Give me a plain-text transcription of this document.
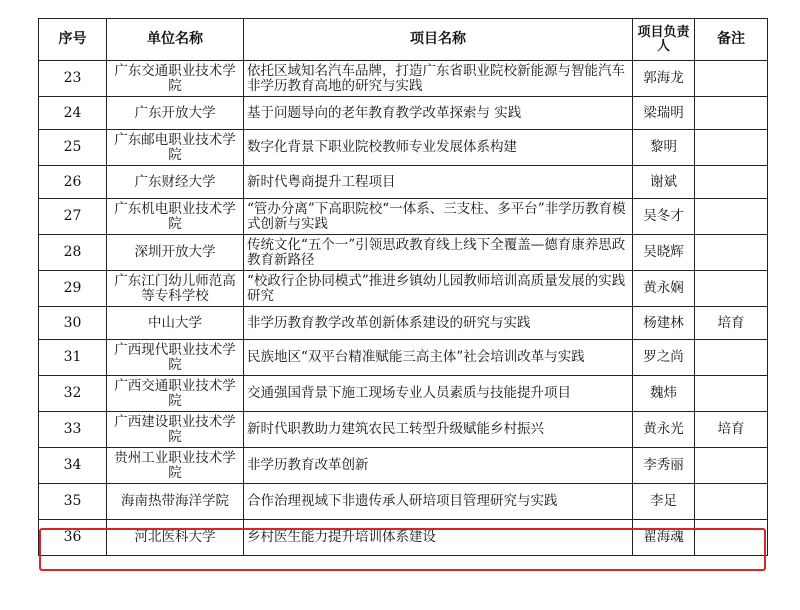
序号	单位名称	项目名称	项目负责人	备注
23	广东交通职业技术学院	依托区域知名汽车品牌，打造广东省职业院校新能源与智能汽车非学历教育高地的研究与实践	郭海龙	
24	广东开放大学	基于问题导向的老年教育教学改革探索与 实践	梁瑞明	
25	广东邮电职业技术学院	数字化背景下职业院校教师专业发展体系构建	黎明	
26	广东财经大学	新时代粤商提升工程项目	谢斌	
27	广东机电职业技术学院	“管办分离”下高职院校“一体系、三支柱、多平台”非学历教育模式创新与实践	吴冬才	
28	深圳开放大学	传统文化“五个一”引领思政教育线上线下全覆盖—德育康养思政教育新路径	吴晓辉	
29	广东江门幼儿师范高等专科学校	“校政行企协同模式”推进乡镇幼儿园教师培训高质量发展的实践研究	黄永娴	
30	中山大学	非学历教育教学改革创新体系建设的研究与实践	杨建林	培育
31	广西现代职业技术学院	民族地区“双平台精准赋能三高主体”社会培训改革与实践	罗之尚	
32	广西交通职业技术学院	交通强国背景下施工现场专业人员素质与技能提升项目	魏炜	
33	广西建设职业技术学院	新时代职教助力建筑农民工转型升级赋能乡村振兴	黄永光	培育
34	贵州工业职业技术学院	非学历教育改革创新	李秀丽	
35	海南热带海洋学院	合作治理视域下非遗传承人研培项目管理研究与实践	李足	
36	河北医科大学	乡村医生能力提升培训体系建设	翟海魂	
